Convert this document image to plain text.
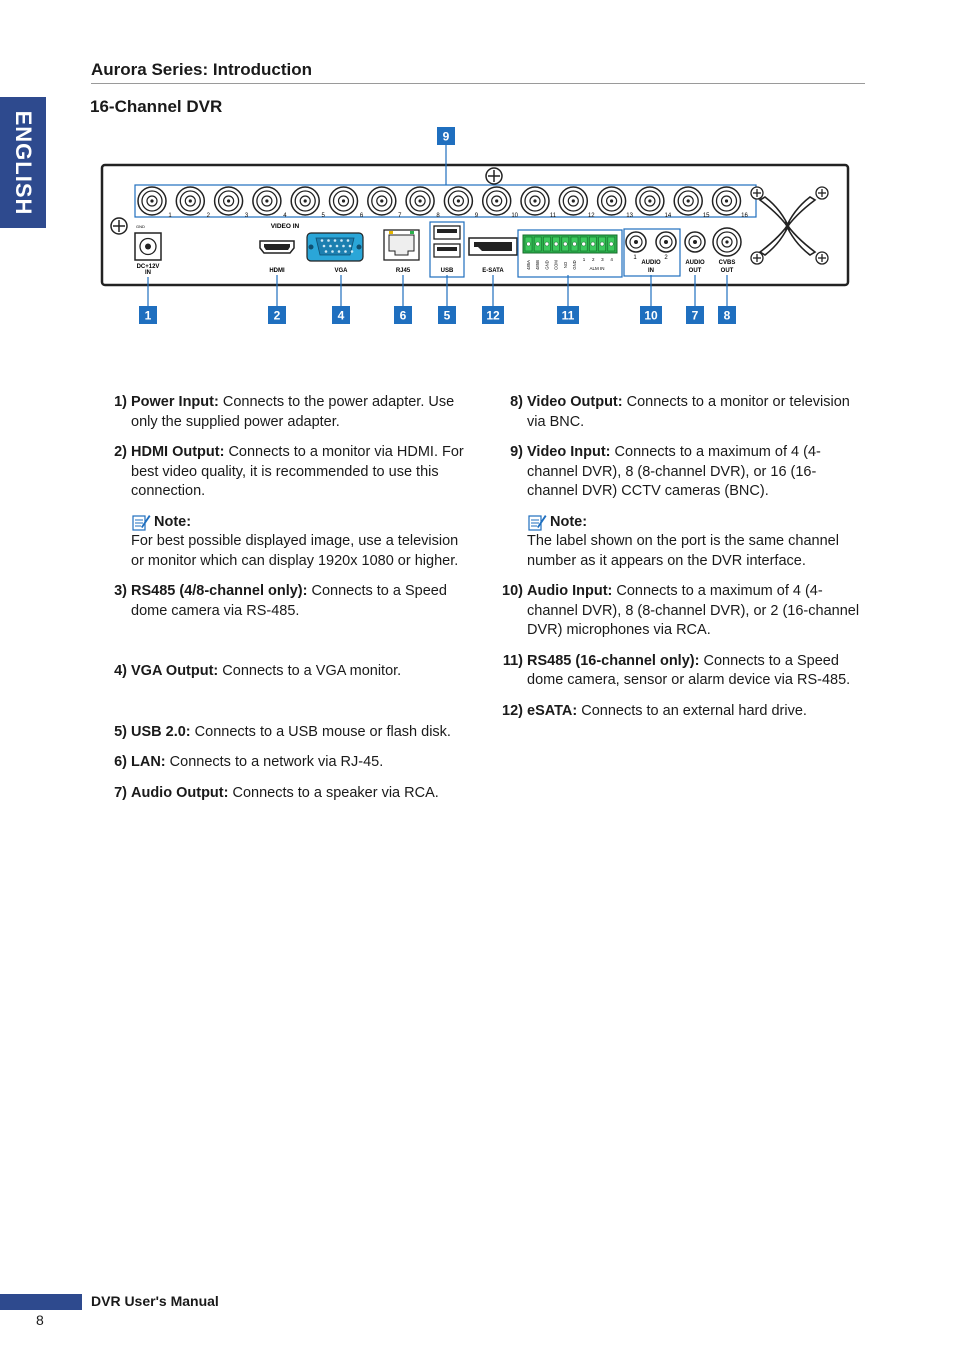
ENGLISH
Aurora Series: Introduction
16-Channel DVR
9
1	2	3	4	5	6	7	8	9	10	11	12	13	14	15	16
VIDEO IN
GND
DC+12V
IN	HDMI	VGA	RJ45	USB	E-SATA
485A 485B GND COM NO GND
1 2 3 4
ALM IN
1	2
AUDIO
IN
AUDIO
OUT
CVBS
OUT
1	2	4	6	5	12	11	10	7 8
1) Power Input: Connects to the power adapter. Use only the supplied power adapter.
2) HDMI Output: Connects to a monitor via HDMI. For best video quality, it is recommended to use this connection.
Note:
For best possible displayed image, use a television or monitor which can display 1920x 1080 or higher.
3) RS485 (4/8-channel only): Connects to a Speed dome camera via RS-485.
4) VGA Output: Connects to a VGA monitor.
5) USB 2.0: Connects to a USB mouse or flash disk.
6) LAN: Connects to a network via RJ-45.
7) Audio Output: Connects to a speaker via RCA.
8) Video Output: Connects to a monitor or television via BNC.
9) Video Input: Connects to a maximum of 4 (4-channel DVR), 8 (8-channel DVR), or 16 (16-channel DVR) CCTV cameras (BNC).
Note:
The label shown on the port is the same channel number as it appears on the DVR interface.
10) Audio Input: Connects to a maximum of 4 (4-channel DVR), 8 (8-channel DVR), or 2 (16-channel DVR) microphones via RCA.
11) RS485 (16-channel only): Connects to a Speed dome camera, sensor or alarm device via RS-485.
12) eSATA: Connects to an external hard drive.
DVR User's Manual
8
